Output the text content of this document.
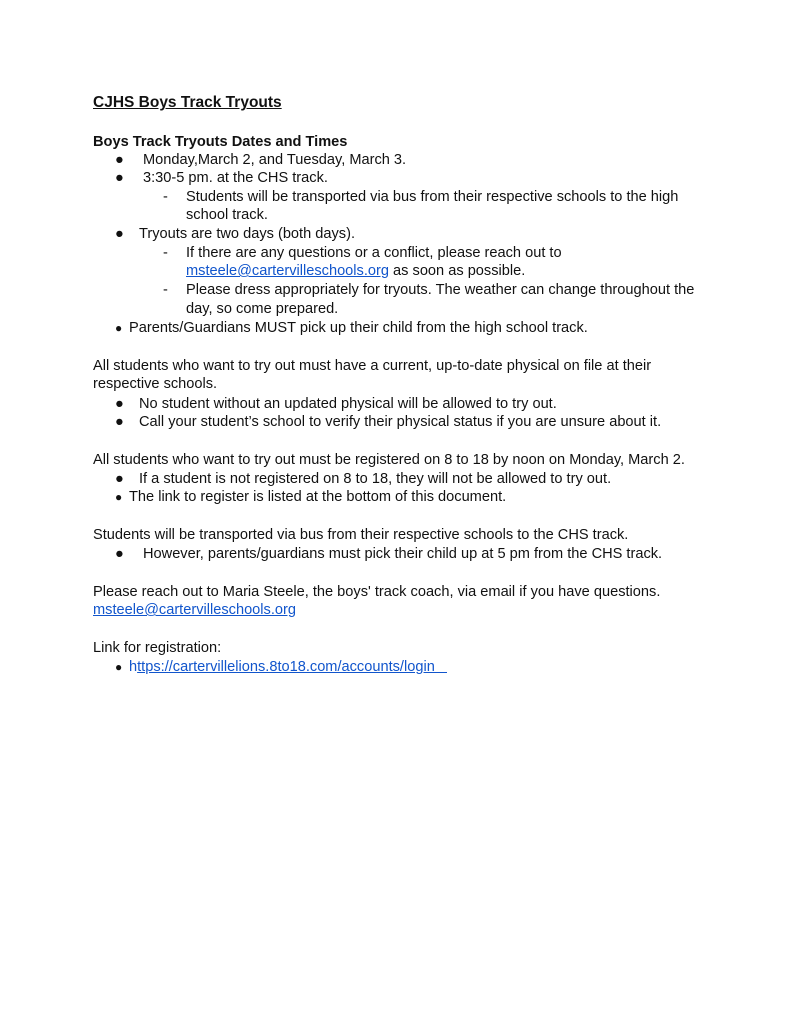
CJHS Boys Track Tryouts
Boys Track Tryouts Dates and Times
● Monday,March 2, and Tuesday, March 3.
● 3:30-5 pm. at the CHS track.
- Students will be transported via bus from their respective schools to the high
school track.
● Tryouts are two days (both days).
- If there are any questions or a conflict, please reach out to
msteele@cartervilleschools.org as soon as possible.
- Please dress appropriately for tryouts. The weather can change throughout the
day, so come prepared.
● Parents/Guardians MUST pick up their child from the high school track.
All students who want to try out must have a current, up-to-date physical on file at their
respective schools.
● No student without an updated physical will be allowed to try out.
● Call your student’s school to verify their physical status if you are unsure about it.
All students who want to try out must be registered on 8 to 18 by noon on Monday, March 2.
● If a student is not registered on 8 to 18, they will not be allowed to try out.
● The link to register is listed at the bottom of this document.
Students will be transported via bus from their respective schools to the CHS track.
● However, parents/guardians must pick their child up at 5 pm from the CHS track.
Please reach out to Maria Steele, the boys' track coach, via email if you have questions.
msteele@cartervilleschools.org
Link for registration:
● https://cartervillelions.8to18.com/accounts/login
